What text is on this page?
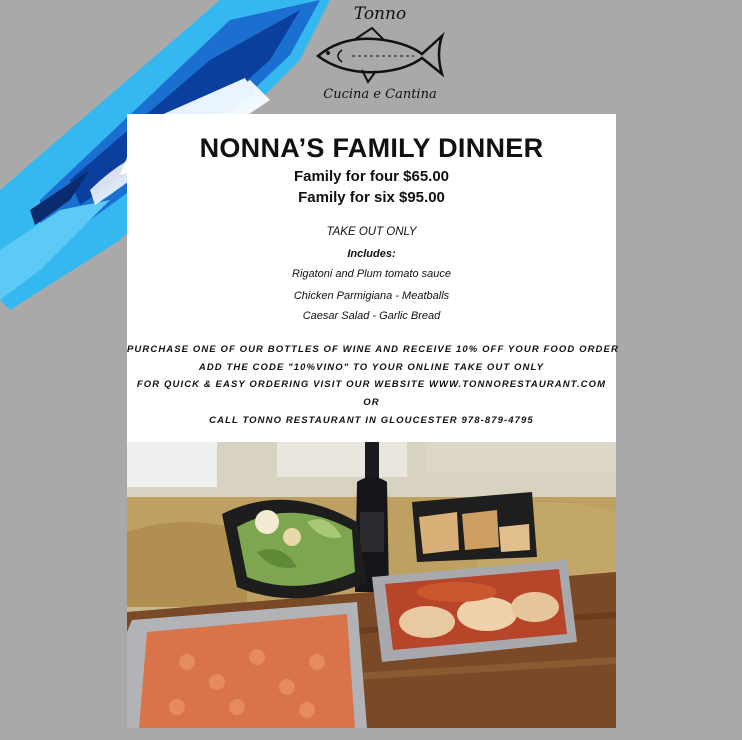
Tonno
Cucina e Cantina
NONNA’S FAMILY DINNER
Family for four $65.00
Family for six $95.00
TAKE OUT ONLY
Includes:
Rigatoni and Plum tomato sauce
Chicken Parmigiana - Meatballs
Caesar Salad - Garlic Bread
PURCHASE ONE OF OUR BOTTLES OF WINE AND RECEIVE 10% OFF YOUR FOOD ORDER
ADD THE CODE "10%VINO" TO YOUR ONLINE TAKE OUT ONLY
FOR QUICK & EASY ORDERING VISIT OUR WEBSITE WWW.TONNORESTAURANT.COM
OR
CALL TONNO RESTAURANT IN GLOUCESTER 978-879-4795
